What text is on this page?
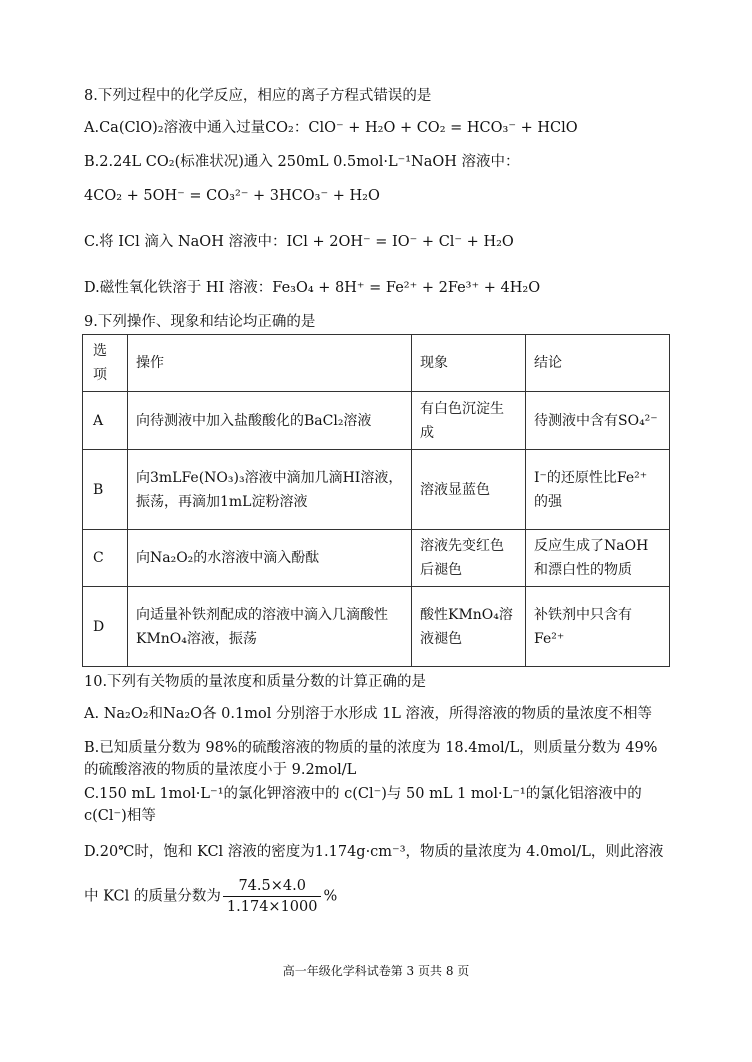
8.下列过程中的化学反应，相应的离子方程式错误的是
A.Ca(ClO)₂溶液中通入过量CO₂：ClO⁻ + H₂O + CO₂ = HCO₃⁻ + HClO
B.2.24L CO₂(标准状况)通入 250mL 0.5mol·L⁻¹NaOH 溶液中：
4CO₂ + 5OH⁻ = CO₃²⁻ + 3HCO₃⁻ + H₂O
C.将 ICl 滴入 NaOH 溶液中：ICl + 2OH⁻ = IO⁻ + Cl⁻ + H₂O
D.磁性氧化铁溶于 HI 溶液：Fe₃O₄ + 8H⁺ = Fe²⁺ + 2Fe³⁺ + 4H₂O
9.下列操作、现象和结论均正确的是
选项	操作	现象	结论
A	向待测液中加入盐酸酸化的BaCl₂溶液	有白色沉淀生成	待测液中含有SO₄²⁻
B	向3mLFe(NO₃)₃溶液中滴加几滴HI溶液，振荡，再滴加1mL淀粉溶液	溶液显蓝色	I⁻的还原性比Fe²⁺的强
C	向Na₂O₂的水溶液中滴入酚酞	溶液先变红色后褪色	反应生成了NaOH和漂白性的物质
D	向适量补铁剂配成的溶液中滴入几滴酸性KMnO₄溶液，振荡	酸性KMnO₄溶液褪色	补铁剂中只含有Fe²⁺
10.下列有关物质的量浓度和质量分数的计算正确的是
A. Na₂O₂和Na₂O各 0.1mol 分别溶于水形成 1L 溶液，所得溶液的物质的量浓度不相等
B.已知质量分数为 98%的硫酸溶液的物质的量的浓度为 18.4mol/L，则质量分数为 49%
的硫酸溶液的物质的量浓度小于 9.2mol/L
C.150 mL 1mol·L⁻¹的氯化钾溶液中的 c(Cl⁻)与 50 mL 1 mol·L⁻¹的氯化铝溶液中的
c(Cl⁻)相等
D.20℃时，饱和 KCl 溶液的密度为1.174g·cm⁻³，物质的量浓度为 4.0mol/L，则此溶液
中 KCl 的质量分数为 $\frac{74.5\times 4.0}{1.174\times 1000}$ %
高一年级化学科试卷第 3 页共 8 页
